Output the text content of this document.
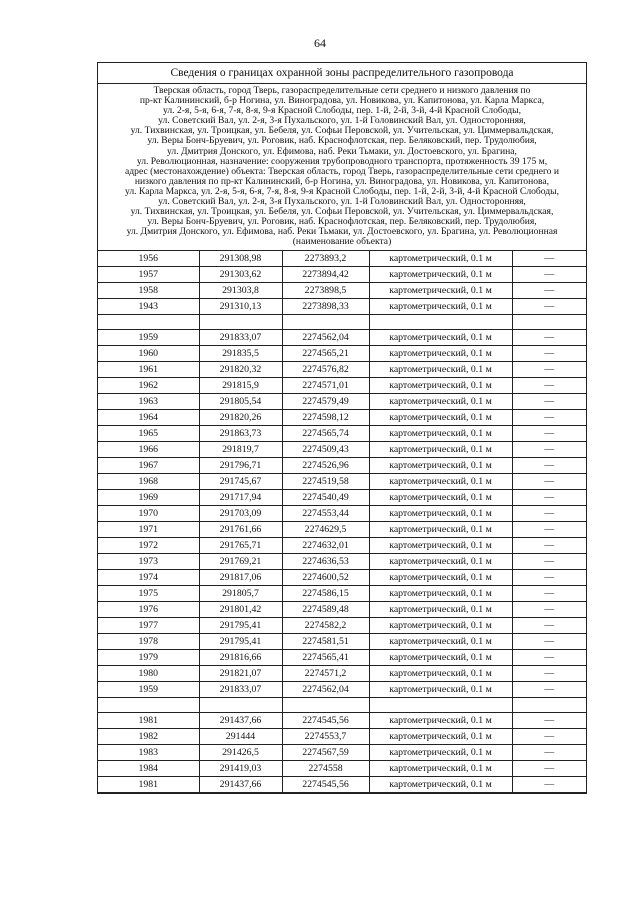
64
Сведения о границах охранной зоны распределительного газопровода
Тверская область, город Тверь, газораспределительные сети среднего и низкого давления по
пр-кт Калининский, б-р Ногина, ул. Виноградова, ул. Новикова, ул. Капитонова, ул. Карла Маркса,
ул. 2-я, 5-я, 6-я, 7-я, 8-я, 9-я Красной Слободы, пер. 1-й, 2-й, 3-й, 4-й Красной Слободы,
ул. Советский Вал, ул. 2-я, 3-я Пухальского, ул. 1-й Головинский Вал, ул. Односторонняя,
ул. Тихвинская, ул. Троицкая, ул. Бебеля, ул. Софьи Перовской, ул. Учительская, ул. Циммервальдская,
ул. Веры Бонч-Бруевич, ул. Роговик, наб. Краснофлотская, пер. Беляковский, пер. Трудолюбия,
ул. Дмитрия Донского, ул. Ефимова, наб. Реки Тьмаки, ул. Достоевского, ул. Брагина,
ул. Революционная, назначение: сооружения трубопроводного транспорта, протяженность 39 175 м,
адрес (местонахождение) объекта: Тверская область, город Тверь, газораспределительные сети среднего и
низкого давления по пр-кт Калининский, б-р Ногина, ул. Виноградова, ул. Новикова, ул. Капитонова,
ул. Карла Маркса, ул. 2-я, 5-я, 6-я, 7-я, 8-я, 9-я Красной Слободы, пер. 1-й, 2-й, 3-й, 4-й Красной Слободы,
ул. Советский Вал, ул. 2-я, 3-я Пухальского, ул. 1-й Головинский Вал, ул. Односторонняя,
ул. Тихвинская, ул. Троицкая, ул. Бебеля, ул. Софьи Перовской, ул. Учительская, ул. Циммервальдская,
ул. Веры Бонч-Бруевич, ул. Роговик, наб. Краснофлотская, пер. Беляковский, пер. Трудолюбия,
ул. Дмитрия Донского, ул. Ефимова, наб. Реки Тьмаки, ул. Достоевского, ул. Брагина, ул. Революционная
(наименование объекта)
1956	291308,98	2273893,2	картометрический, 0.1 м	—
1957	291303,62	2273894,42	картометрический, 0.1 м	—
1958	291303,8	2273898,5	картометрический, 0.1 м	—
1943	291310,13	2273898,33	картометрический, 0.1 м	—

1959	291833,07	2274562,04	картометрический, 0.1 м	—
1960	291835,5	2274565,21	картометрический, 0.1 м	—
1961	291820,32	2274576,82	картометрический, 0.1 м	—
1962	291815,9	2274571,01	картометрический, 0.1 м	—
1963	291805,54	2274579,49	картометрический, 0.1 м	—
1964	291820,26	2274598,12	картометрический, 0.1 м	—
1965	291863,73	2274565,74	картометрический, 0.1 м	—
1966	291819,7	2274509,43	картометрический, 0.1 м	—
1967	291796,71	2274526,96	картометрический, 0.1 м	—
1968	291745,67	2274519,58	картометрический, 0.1 м	—
1969	291717,94	2274540,49	картометрический, 0.1 м	—
1970	291703,09	2274553,44	картометрический, 0.1 м	—
1971	291761,66	2274629,5	картометрический, 0.1 м	—
1972	291765,71	2274632,01	картометрический, 0.1 м	—
1973	291769,21	2274636,53	картометрический, 0.1 м	—
1974	291817,06	2274600,52	картометрический, 0.1 м	—
1975	291805,7	2274586,15	картометрический, 0.1 м	—
1976	291801,42	2274589,48	картометрический, 0.1 м	—
1977	291795,41	2274582,2	картометрический, 0.1 м	—
1978	291795,41	2274581,51	картометрический, 0.1 м	—
1979	291816,66	2274565,41	картометрический, 0.1 м	—
1980	291821,07	2274571,2	картометрический, 0.1 м	—
1959	291833,07	2274562,04	картометрический, 0.1 м	—

1981	291437,66	2274545,56	картометрический, 0.1 м	—
1982	291444	2274553,7	картометрический, 0.1 м	—
1983	291426,5	2274567,59	картометрический, 0.1 м	—
1984	291419,03	2274558	картометрический, 0.1 м	—
1981	291437,66	2274545,56	картометрический, 0.1 м	—
